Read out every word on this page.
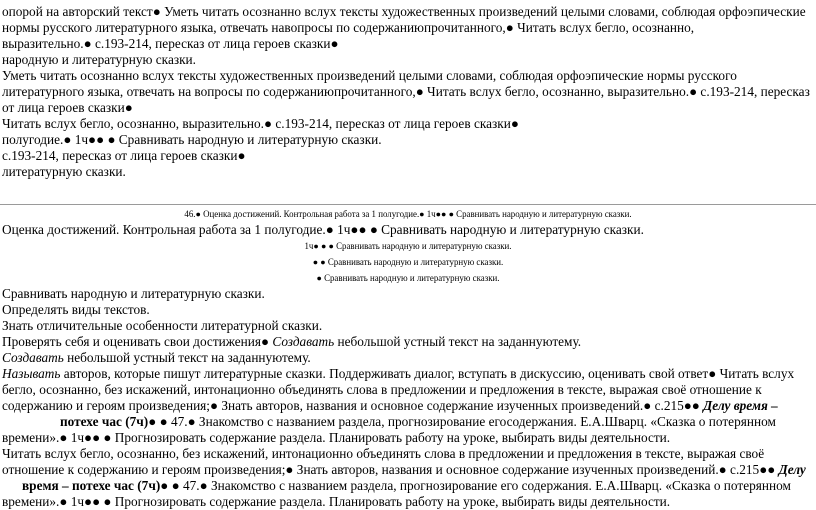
опорой на авторский текст● Уметь читать осознанно вслух тексты художественных произведений целыми словами, соблюдая орфоэпические
нормы русского литературного языка, отвечать навопросы по содержаниюпрочитанного,● Читать вслух бегло, осознанно,
выразительно.● с.193-214, пересказ от лица героев сказки●
народную и литературную сказки.
Уметь читать осознанно вслух тексты художественных произведений целыми словами, соблюдая орфоэпические нормы русского
литературного языка, отвечать на вопросы по содержаниюпрочитанного,● Читать вслух бегло, осознанно, выразительно.● с.193-214, пересказ
от лица героев сказки●
Читать вслух бегло, осознанно, выразительно.● с.193-214, пересказ от лица героев сказки●
полугодие.● 1ч●● ● Сравнивать народную и литературную сказки.
с.193-214, пересказ от лица героев сказки●
литературную сказки.
46.● Оценка достижений. Контрольная работа за 1 полугодие.● 1ч●● ● Сравнивать народную и литературную сказки.
Оценка достижений. Контрольная работа за 1 полугодие.● 1ч●● ● Сравнивать народную и литературную сказки.
1ч● ● ● Сравнивать народную и литературную сказки.
● ● Сравнивать народную и литературную сказки.
● Сравнивать народную и литературную сказки.
Сравнивать народную и литературную сказки.
Определять виды текстов.
Знать отличительные особенности литературной сказки.
Проверять себя и оценивать свои достижения● Создавать небольшой устный текст на заданнуютему.
Создавать небольшой устный текст на заданнуютему.
Называть авторов, которые пишут литературные сказки. Поддерживать диалог, вступать в дискуссию, оценивать свой ответ● Читать вслух
бегло, осознанно, без искажений, интонационно объединять слова в предложении и предложения в тексте, выражая своё отношение к
содержанию и героям произведения;● Знать авторов, названия и основное содержание изученных произведений.● с.215●● Делу время –
потехе час (7ч)● ● 47.● Знакомство с названием раздела, прогнозирование егосодержания. Е.А.Шварц. «Сказка о потерянном
времени».● 1ч●● ● Прогнозировать содержание раздела. Планировать работу на уроке, выбирать виды деятельности.
Читать вслух бегло, осознанно, без искажений, интонационно объединять слова в предложении и предложения в тексте, выражая своё
отношение к содержанию и героям произведения;● Знать авторов, названия и основное содержание изученных произведений.● с.215●● Делу
время – потехе час (7ч)● ● 47.● Знакомство с названием раздела, прогнозирование его содержания. Е.А.Шварц. «Сказка о потерянном
времени».● 1ч●● ● Прогнозировать содержание раздела. Планировать работу на уроке, выбирать виды деятельности.
